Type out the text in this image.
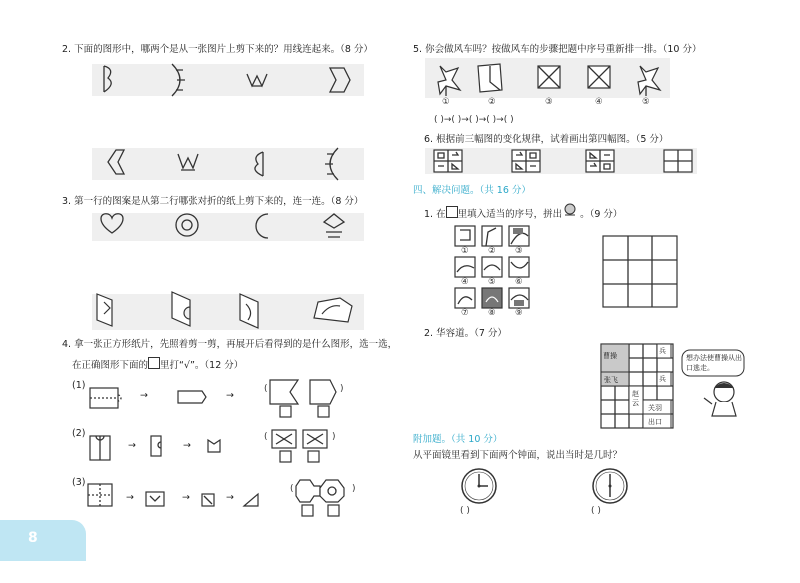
2. 下面的图形中，哪两个是从一张图片上剪下来的？用线连起来。（8 分）
3. 第一行的图案是从第二行哪张对折的纸上剪下来的，连一连。（8 分）
4. 拿一张正方形纸片，先照着剪一剪，再展开后看得到的是什么图形，选一选，
在正确图形下面的 里打“√”。（12 分）
(1)
(2)
(3)
→	→
→	→
→	→	→
(	)
(	)
(	)
8
5. 你会做风车吗？按做风车的步骤把题中序号重新排一排。（10 分）
①	②	③	④	⑤
( )→( )→( )→( )→( )
6. 根据前三幅图的变化规律，试着画出第四幅图。（5 分）
四、解决问题。（共 16 分）
1. 在 里填入适当的序号，拼出 。（9 分）
① ② ③
④ ⑤ ⑥
⑦ ⑧ ⑨
2. 华容道。（7 分）
曹操
兵
张飞
赵云
兵
关羽
出口
想办法使曹操从出口逃走。
附加题。（共 10 分）
从平面镜里看到下面两个钟面，说出当时是几时？
( )	( )
